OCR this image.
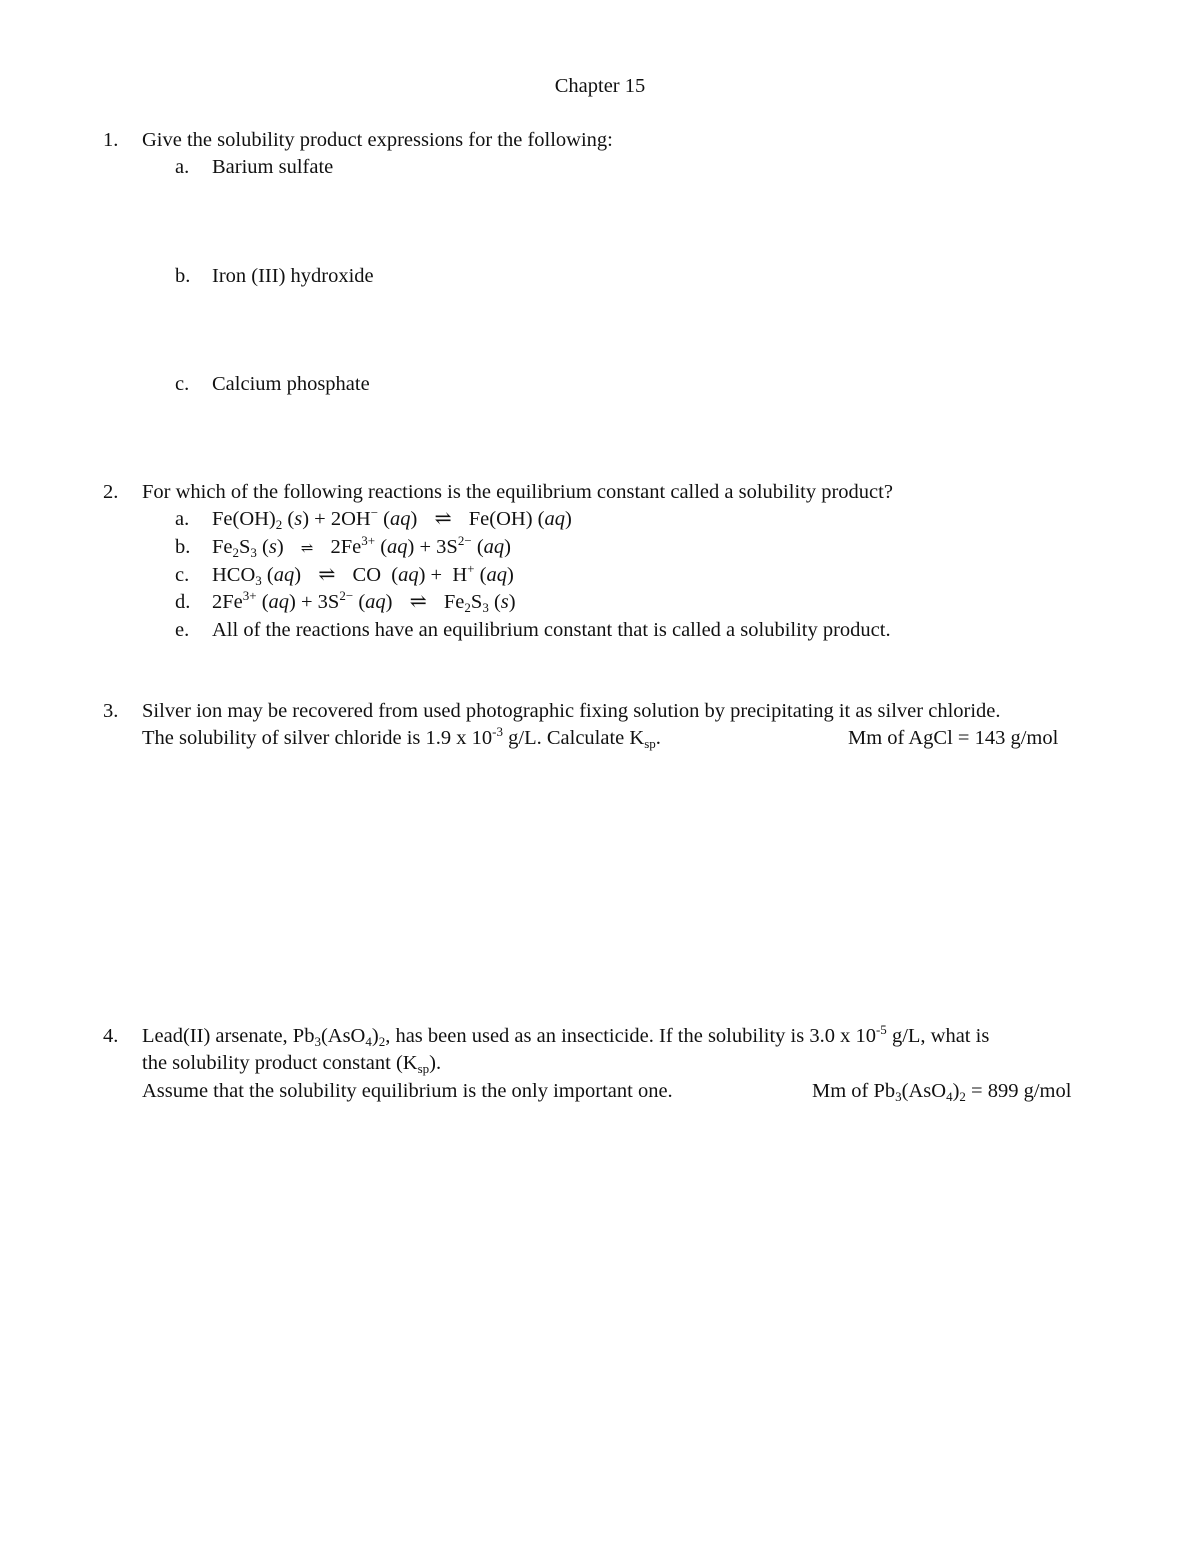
Chapter 15
1. Give the solubility product expressions for the following:
a. Barium sulfate
b. Iron (III) hydroxide
c. Calcium phosphate
2. For which of the following reactions is the equilibrium constant called a solubility product?
a. $Fe(OH)_2$ (s) + 2OH− (aq) ⇌ Fe(OH) (aq)
b. $Fe_2S_3$ (s) ⇌ $2Fe^{3+}$ $(aq) + 3S^{2-}$ (aq)
c. $HCO_3$ (aq) ⇌ CO  (aq) +  H+ (aq)
d. $2Fe^{3+}$ $(aq) + 3S^{2-}$ (aq) ⇌ $Fe_2S_3$ (s)
e. All of the reactions have an equilibrium constant that is called a solubility product.
3. Silver ion may be recovered from used photographic fixing solution by precipitating it as silver chloride.
The solubility of silver chloride is 1.9 x $10^{-3}$ g/L. Calculate $K_{sp}$.	Mm of AgCl = 143 g/mol
4. Lead(II) arsenate, $Pb_3(AsO_4)_2$, has been used as an insecticide. If the solubility is 3.0 x $10^{-5}$ g/L, what is
the solubility product constant $(K_{sp})$.
Assume that the solubility equilibrium is the only important one.	Mm of $Pb_3(AsO_4)_2 = 899$ g/mol
